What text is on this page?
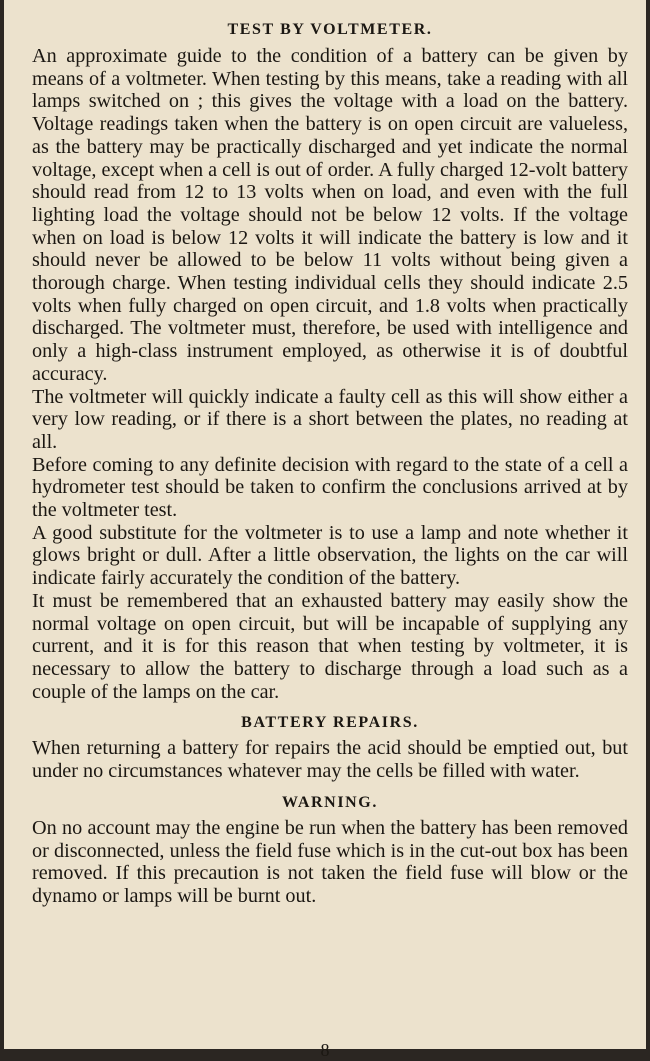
TEST BY VOLTMETER.

An approximate guide to the condition of a battery can be given by means of a voltmeter. When testing by this means, take a reading with all lamps switched on ; this gives the voltage with a load on the battery. Voltage readings taken when the battery is on open circuit are valueless, as the battery may be practically discharged and yet indicate the normal voltage, except when a cell is out of order. A fully charged 12-volt battery should read from 12 to 13 volts when on load, and even with the full lighting load the voltage should not be below 12 volts. If the voltage when on load is below 12 volts it will indicate the battery is low and it should never be allowed to be below 11 volts without being given a thorough charge. When testing individual cells they should indicate 2.5 volts when fully charged on open circuit, and 1.8 volts when practically discharged. The voltmeter must, therefore, be used with intelligence and only a high-class instrument employed, as otherwise it is of doubtful accuracy.

The voltmeter will quickly indicate a faulty cell as this will show either a very low reading, or if there is a short between the plates, no reading at all.

Before coming to any definite decision with regard to the state of a cell a hydrometer test should be taken to confirm the conclusions arrived at by the voltmeter test.

A good substitute for the voltmeter is to use a lamp and note whether it glows bright or dull. After a little observation, the lights on the car will indicate fairly accurately the condition of the battery.

It must be remembered that an exhausted battery may easily show the normal voltage on open circuit, but will be incapable of supplying any current, and it is for this reason that when testing by voltmeter, it is necessary to allow the battery to discharge through a load such as a couple of the lamps on the car.

BATTERY REPAIRS.

When returning a battery for repairs the acid should be emptied out, but under no circumstances whatever may the cells be filled with water.

WARNING.

On no account may the engine be run when the battery has been removed or disconnected, unless the field fuse which is in the cut-out box has been removed. If this precaution is not taken the field fuse will blow or the dynamo or lamps will be burnt out.

8
